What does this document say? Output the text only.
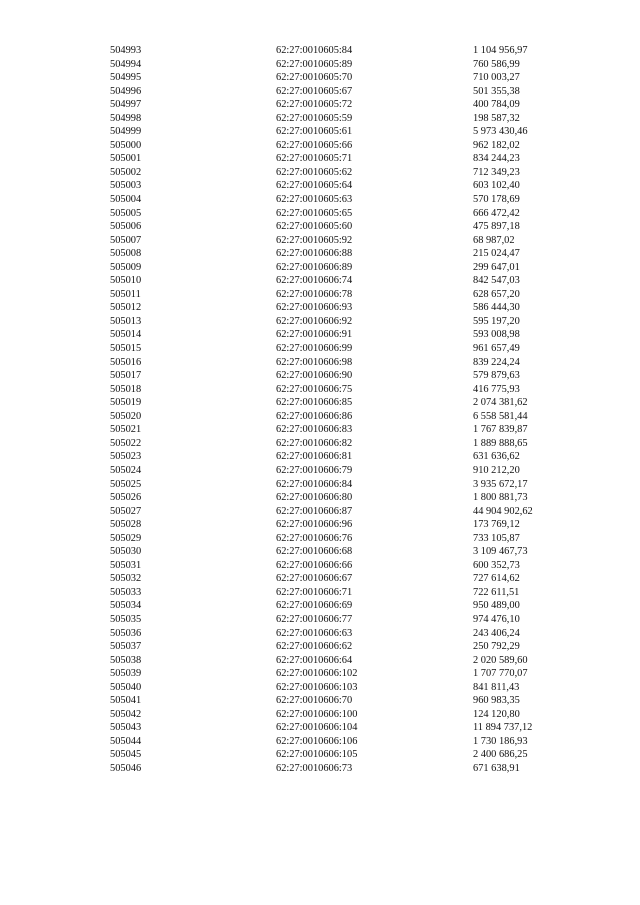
504993	62:27:0010605:84	1 104 956,97
504994	62:27:0010605:89	760 586,99
504995	62:27:0010605:70	710 003,27
504996	62:27:0010605:67	501 355,38
504997	62:27:0010605:72	400 784,09
504998	62:27:0010605:59	198 587,32
504999	62:27:0010605:61	5 973 430,46
505000	62:27:0010605:66	962 182,02
505001	62:27:0010605:71	834 244,23
505002	62:27:0010605:62	712 349,23
505003	62:27:0010605:64	603 102,40
505004	62:27:0010605:63	570 178,69
505005	62:27:0010605:65	666 472,42
505006	62:27:0010605:60	475 897,18
505007	62:27:0010605:92	68 987,02
505008	62:27:0010606:88	215 024,47
505009	62:27:0010606:89	299 647,01
505010	62:27:0010606:74	842 547,03
505011	62:27:0010606:78	628 657,20
505012	62:27:0010606:93	586 444,30
505013	62:27:0010606:92	595 197,20
505014	62:27:0010606:91	593 008,98
505015	62:27:0010606:99	961 657,49
505016	62:27:0010606:98	839 224,24
505017	62:27:0010606:90	579 879,63
505018	62:27:0010606:75	416 775,93
505019	62:27:0010606:85	2 074 381,62
505020	62:27:0010606:86	6 558 581,44
505021	62:27:0010606:83	1 767 839,87
505022	62:27:0010606:82	1 889 888,65
505023	62:27:0010606:81	631 636,62
505024	62:27:0010606:79	910 212,20
505025	62:27:0010606:84	3 935 672,17
505026	62:27:0010606:80	1 800 881,73
505027	62:27:0010606:87	44 904 902,62
505028	62:27:0010606:96	173 769,12
505029	62:27:0010606:76	733 105,87
505030	62:27:0010606:68	3 109 467,73
505031	62:27:0010606:66	600 352,73
505032	62:27:0010606:67	727 614,62
505033	62:27:0010606:71	722 611,51
505034	62:27:0010606:69	950 489,00
505035	62:27:0010606:77	974 476,10
505036	62:27:0010606:63	243 406,24
505037	62:27:0010606:62	250 792,29
505038	62:27:0010606:64	2 020 589,60
505039	62:27:0010606:102	1 707 770,07
505040	62:27:0010606:103	841 811,43
505041	62:27:0010606:70	960 983,35
505042	62:27:0010606:100	124 120,80
505043	62:27:0010606:104	11 894 737,12
505044	62:27:0010606:106	1 730 186,93
505045	62:27:0010606:105	2 400 686,25
505046	62:27:0010606:73	671 638,91
